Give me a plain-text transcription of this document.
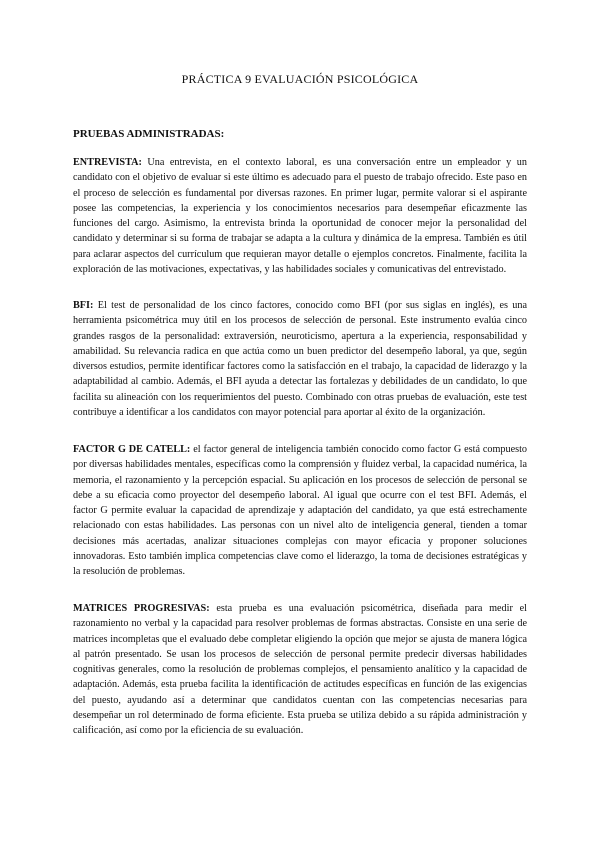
PRÁCTICA 9 EVALUACIÓN PSICOLÓGICA
PRUEBAS ADMINISTRADAS:

ENTREVISTA: Una entrevista, en el contexto laboral, es una conversación entre un empleador y un candidato con el objetivo de evaluar si este último es adecuado para el puesto de trabajo ofrecido. Este paso en el proceso de selección es fundamental por diversas razones. En primer lugar, permite valorar si el aspirante posee las competencias, la experiencia y los conocimientos necesarios para desempeñar eficazmente las funciones del cargo. Asimismo, la entrevista brinda la oportunidad de conocer mejor la personalidad del candidato y determinar si su forma de trabajar se adapta a la cultura y dinámica de la empresa. También es útil para aclarar aspectos del currículum que requieran mayor detalle o ejemplos concretos. Finalmente, facilita la exploración de las motivaciones, expectativas, y las habilidades sociales y comunicativas del entrevistado.

BFI: El test de personalidad de los cinco factores, conocido como BFI (por sus siglas en inglés), es una herramienta psicométrica muy útil en los procesos de selección de personal. Este instrumento evalúa cinco grandes rasgos de la personalidad: extraversión, neuroticismo, apertura a la experiencia, responsabilidad y amabilidad. Su relevancia radica en que actúa como un buen predictor del desempeño laboral, ya que, según diversos estudios, permite identificar factores como la satisfacción en el trabajo, la capacidad de liderazgo y la adaptabilidad al cambio. Además, el BFI ayuda a detectar las fortalezas y debilidades de un candidato, lo que facilita su alineación con los requerimientos del puesto. Combinado con otras pruebas de evaluación, este test contribuye a identificar a los candidatos con mayor potencial para aportar al éxito de la organización.

FACTOR G DE CATELL: el factor general de inteligencia también conocido como factor G está compuesto por diversas habilidades mentales, específicas como la comprensión y fluidez verbal, la capacidad numérica, la memoria, el razonamiento y la percepción espacial. Su aplicación en los procesos de selección de personal se debe a su eficacia como proyector del desempeño laboral. Al igual que ocurre con el test BFI. Además, el factor G permite evaluar la capacidad de aprendizaje y adaptación del candidato, ya que está estrechamente relacionado con estas habilidades. Las personas con un nivel alto de inteligencia general, tienden a tomar decisiones más acertadas, analizar situaciones complejas con mayor eficacia y proponer soluciones innovadoras. Esto también implica competencias clave como el liderazgo, la toma de decisiones estratégicas y la resolución de problemas.

MATRICES PROGRESIVAS: esta prueba es una evaluación psicométrica, diseñada para medir el razonamiento no verbal y la capacidad para resolver problemas de formas abstractas. Consiste en una serie de matrices incompletas que el evaluado debe completar eligiendo la opción que mejor se ajusta de manera lógica al patrón presentado. Se usan los procesos de selección de personal permite predecir diversas habilidades cognitivas generales, como la resolución de problemas complejos, el pensamiento analítico y la capacidad de adaptación. Además, esta prueba facilita la identificación de actitudes específicas en función de las exigencias del puesto, ayudando así a determinar que candidatos cuentan con las competencias necesarias para desempeñar un rol determinado de forma eficiente. Esta prueba se utiliza debido a su rápida administración y calificación, así como por la eficiencia de su evaluación.
